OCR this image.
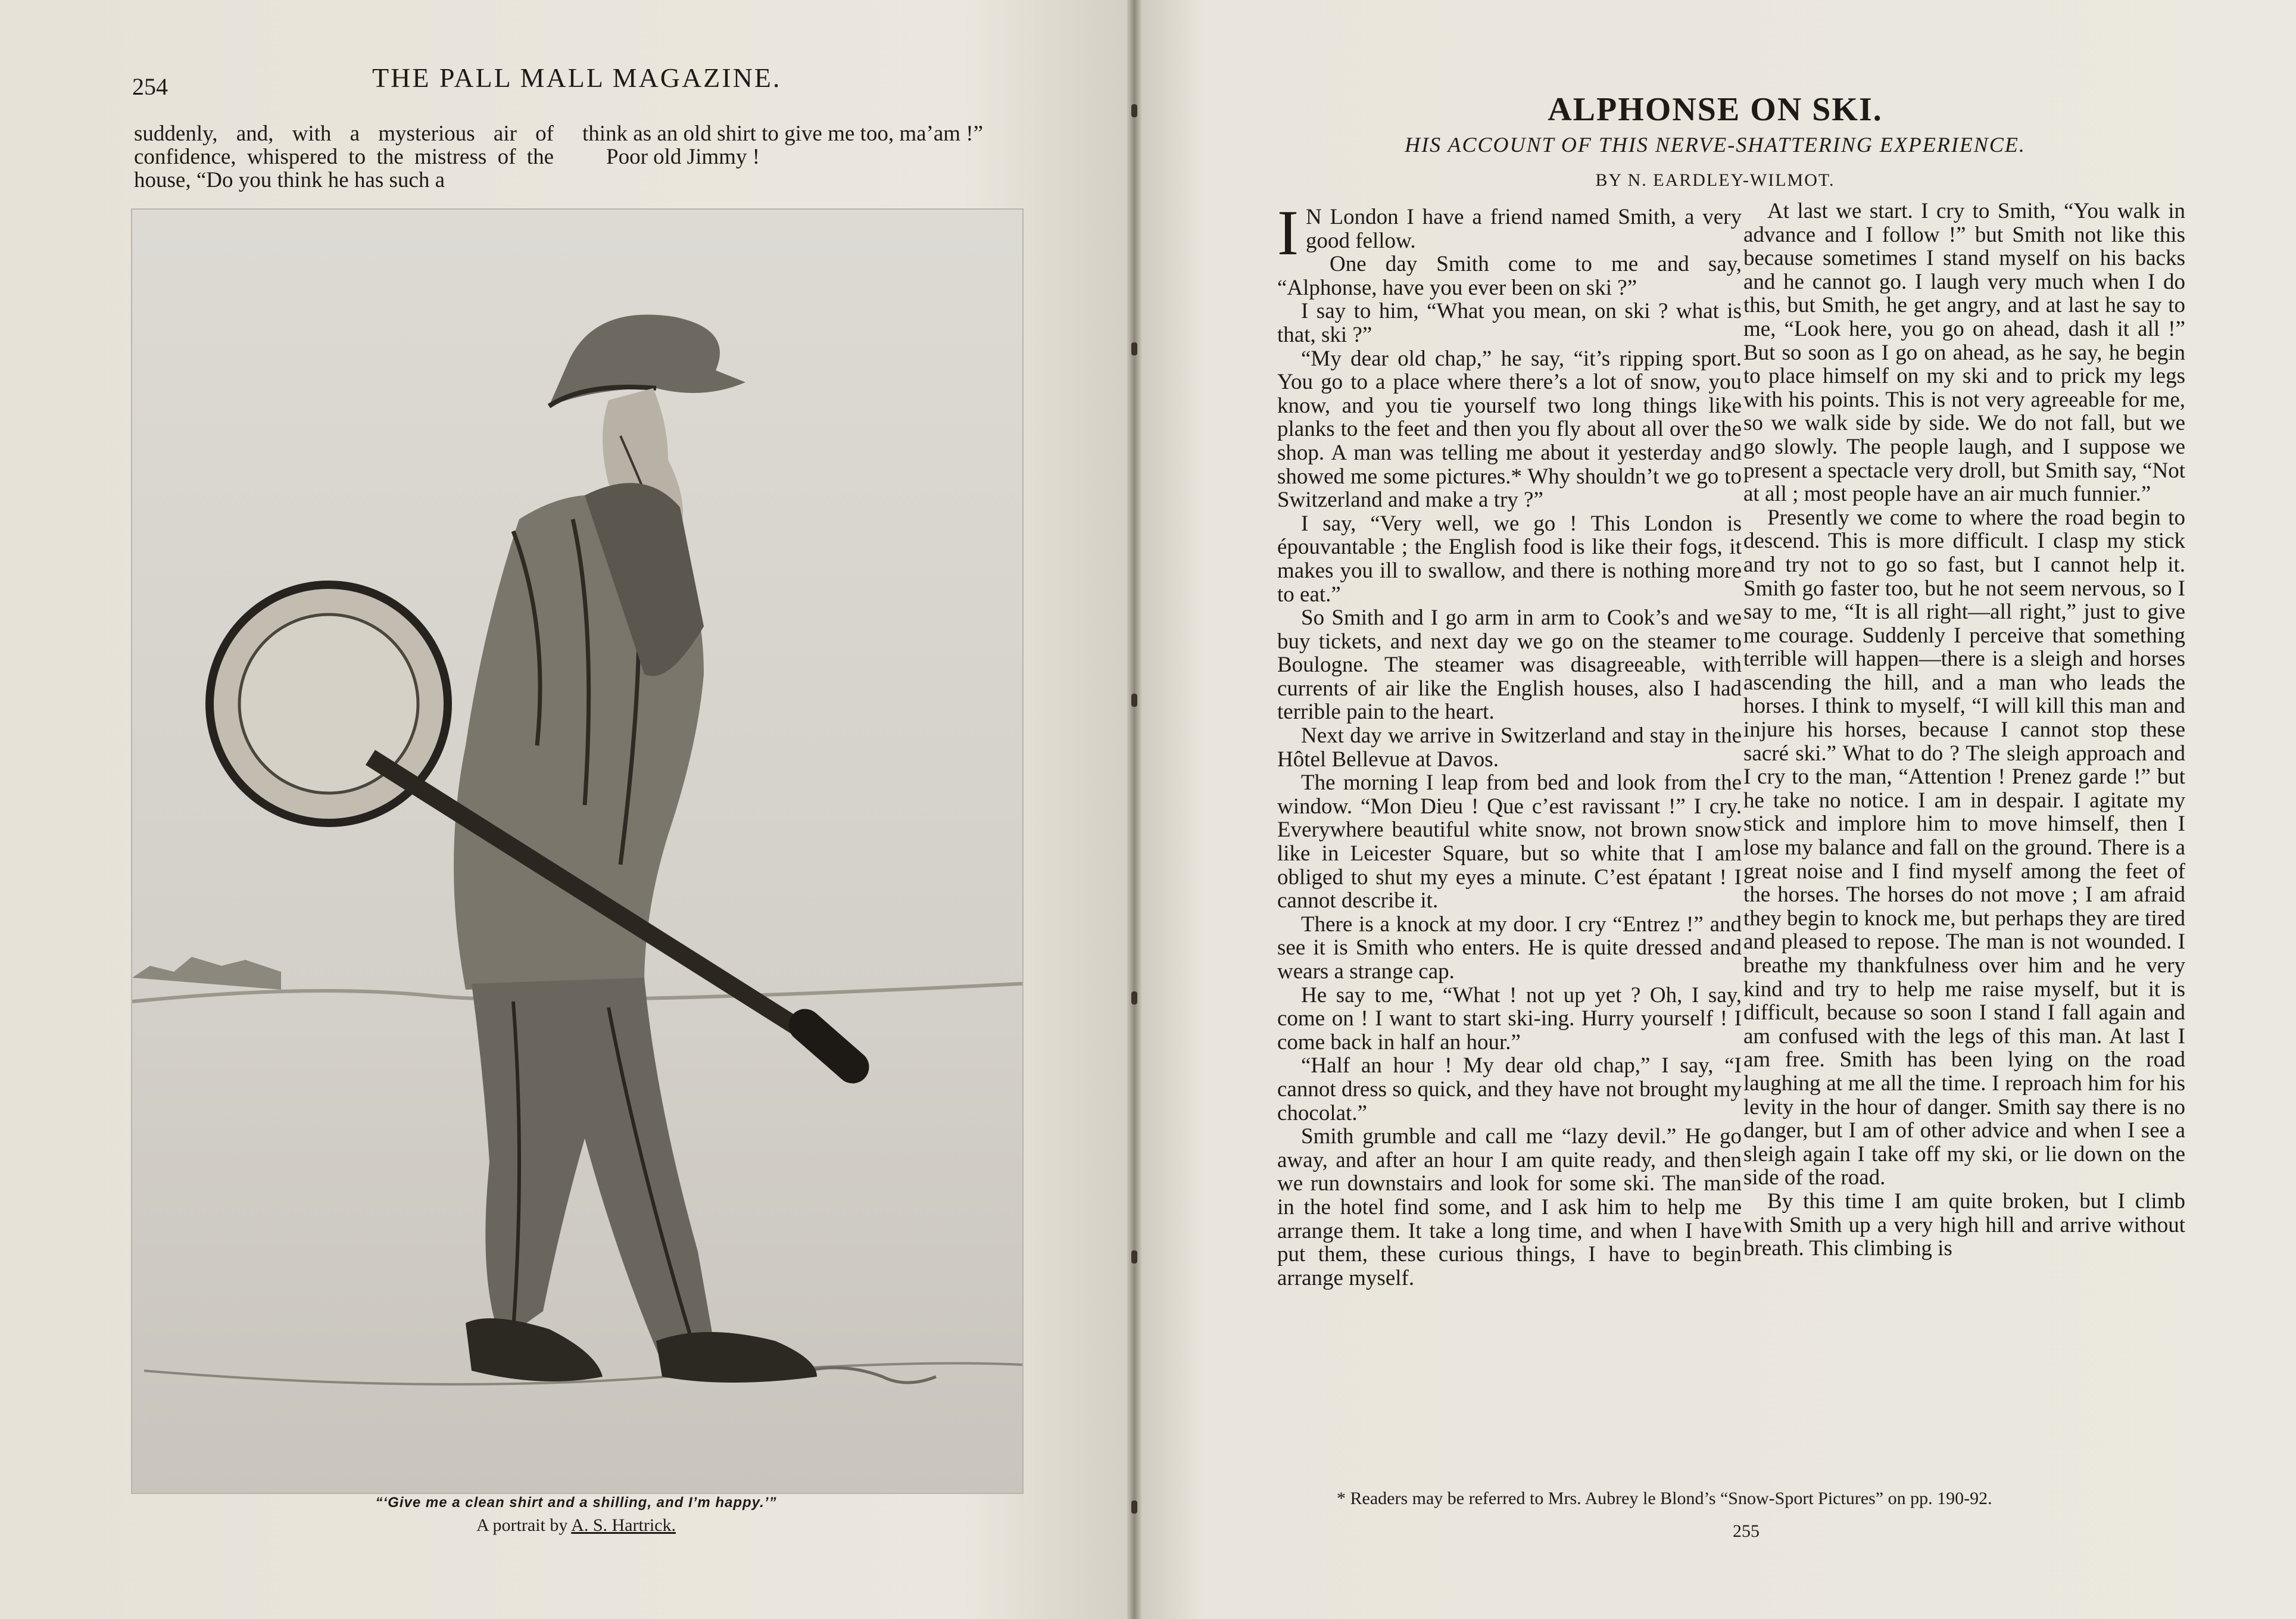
254	THE PALL MALL MAGAZINE.

suddenly, and, with a mysterious air of confidence, whispered to the mistress of the house, “Do you think he has such a

think as an old shirt to give me too, ma’am !”

Poor old Jimmy !

“‘Give me a clean shirt and a shilling, and I’m happy.’”
A portrait by A. S. Hartrick.
ALPHONSE ON SKI.
HIS ACCOUNT OF THIS NERVE-SHATTERING EXPERIENCE.
BY N. EARDLEY-WILMOT.

I N London I have a friend named Smith, a very good fellow.

One day Smith come to me and say, “Alphonse, have you ever been on ski ?”

I say to him, “What you mean, on ski ? what is that, ski ?”

“My dear old chap,” he say, “it’s ripping sport. You go to a place where there’s a lot of snow, you know, and you tie yourself two long things like planks to the feet and then you fly about all over the shop. A man was telling me about it yesterday and showed me some pictures.* Why shouldn’t we go to Switzerland and make a try ?”

I say, “Very well, we go ! This London is épouvantable ; the English food is like their fogs, it makes you ill to swallow, and there is nothing more to eat.”

So Smith and I go arm in arm to Cook’s and we buy tickets, and next day we go on the steamer to Boulogne. The steamer was disagreeable, with currents of air like the English houses, also I had terrible pain to the heart.

Next day we arrive in Switzerland and stay in the Hôtel Bellevue at Davos.

The morning I leap from bed and look from the window. “Mon Dieu ! Que c’est ravissant !” I cry. Everywhere beautiful white snow, not brown snow like in Leicester Square, but so white that I am obliged to shut my eyes a minute. C’est épatant ! I cannot describe it.

There is a knock at my door. I cry “Entrez !” and see it is Smith who enters. He is quite dressed and wears a strange cap.

He say to me, “What ! not up yet ? Oh, I say, come on ! I want to start ski-ing. Hurry yourself ! I come back in half an hour.”

“Half an hour ! My dear old chap,” I say, “I cannot dress so quick, and they have not brought my chocolat.”

Smith grumble and call me “lazy devil.” He go away, and after an hour I am quite ready, and then we run downstairs and look for some ski. The man in the hotel find some, and I ask him to help me arrange them. It take a long time, and when I have put them, these curious things, I have to begin arrange myself.

At last we start. I cry to Smith, “You walk in advance and I follow !” but Smith not like this because sometimes I stand myself on his backs and he cannot go. I laugh very much when I do this, but Smith, he get angry, and at last he say to me, “Look here, you go on ahead, dash it all !” But so soon as I go on ahead, as he say, he begin to place himself on my ski and to prick my legs with his points. This is not very agreeable for me, so we walk side by side. We do not fall, but we go slowly. The people laugh, and I suppose we present a spectacle very droll, but Smith say, “Not at all ; most people have an air much funnier.”

Presently we come to where the road begin to descend. This is more difficult. I clasp my stick and try not to go so fast, but I cannot help it. Smith go faster too, but he not seem nervous, so I say to me, “It is all right—all right,” just to give me courage. Suddenly I perceive that something terrible will happen—there is a sleigh and horses ascending the hill, and a man who leads the horses. I think to myself, “I will kill this man and injure his horses, because I cannot stop these sacré ski.” What to do ? The sleigh approach and I cry to the man, “Attention ! Prenez garde !” but he take no notice. I am in despair. I agitate my stick and implore him to move himself, then I lose my balance and fall on the ground. There is a great noise and I find myself among the feet of the horses. The horses do not move ; I am afraid they begin to knock me, but perhaps they are tired and pleased to repose. The man is not wounded. I breathe my thankfulness over him and he very kind and try to help me raise myself, but it is difficult, because so soon I stand I fall again and am confused with the legs of this man. At last I am free. Smith has been lying on the road laughing at me all the time. I reproach him for his levity in the hour of danger. Smith say there is no danger, but I am of other advice and when I see a sleigh again I take off my ski, or lie down on the side of the road.

By this time I am quite broken, but I climb with Smith up a very high hill and arrive without breath. This climbing is

* Readers may be referred to Mrs. Aubrey le Blond’s “Snow-Sport Pictures” on pp. 190-92.
255
